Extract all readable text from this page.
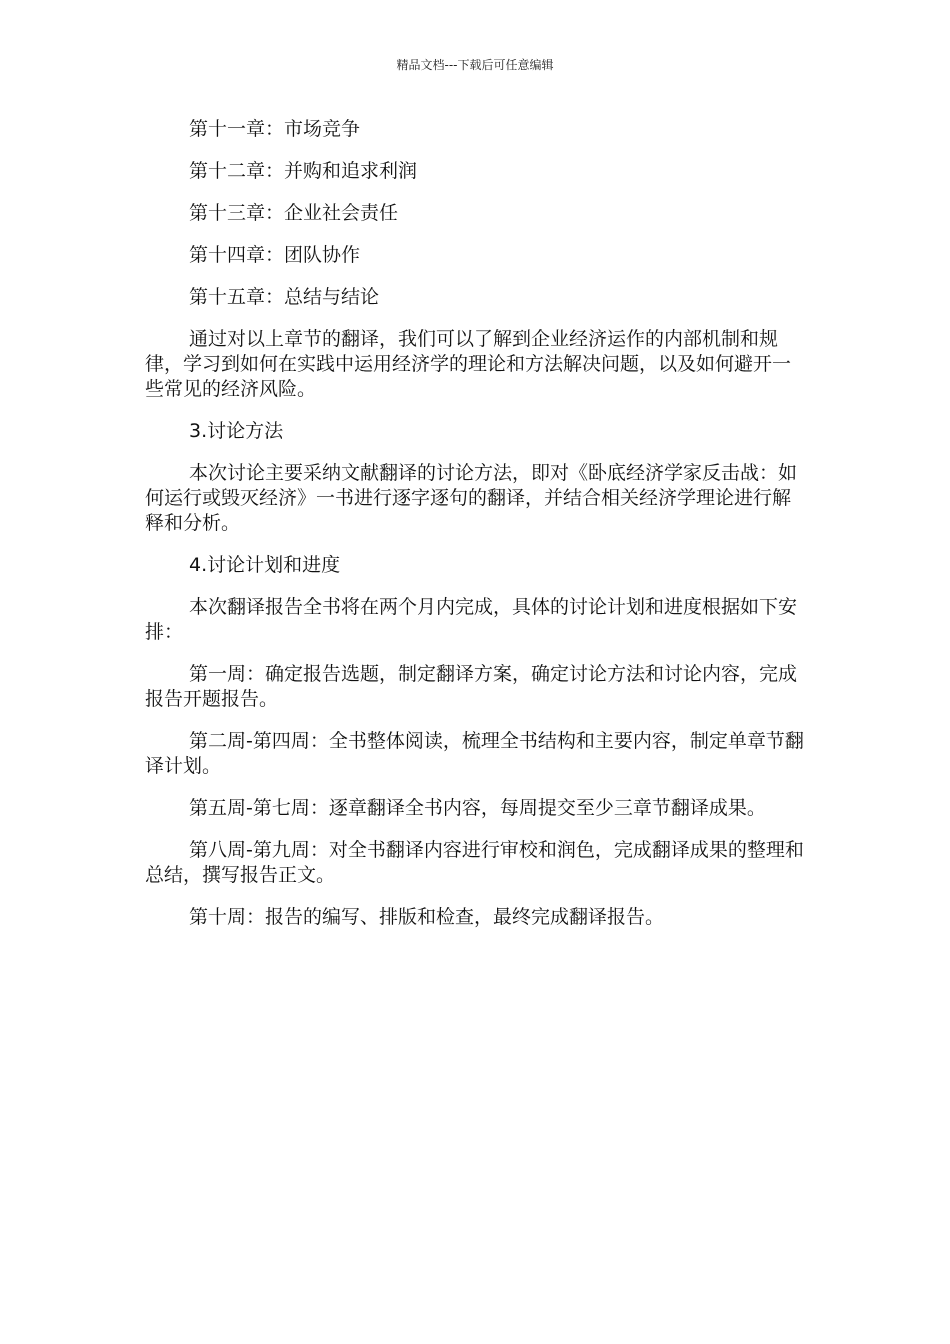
精品文档---下载后可任意编辑

第十一章：市场竞争

第十二章：并购和追求利润

第十三章：企业社会责任

第十四章：团队协作

第十五章：总结与结论

通过对以上章节的翻译，我们可以了解到企业经济运作的内部机制和规律，学习到如何在实践中运用经济学的理论和方法解决问题，以及如何避开一些常见的经济风险。

3.讨论方法

本次讨论主要采纳文献翻译的讨论方法，即对《卧底经济学家反击战：如何运行或毁灭经济》一书进行逐字逐句的翻译，并结合相关经济学理论进行解释和分析。

4.讨论计划和进度

本次翻译报告全书将在两个月内完成，具体的讨论计划和进度根据如下安排：

第一周：确定报告选题，制定翻译方案，确定讨论方法和讨论内容，完成报告开题报告。

第二周-第四周：全书整体阅读，梳理全书结构和主要内容，制定单章节翻译计划。

第五周-第七周：逐章翻译全书内容，每周提交至少三章节翻译成果。

第八周-第九周：对全书翻译内容进行审校和润色，完成翻译成果的整理和总结，撰写报告正文。

第十周：报告的编写、排版和检查，最终完成翻译报告。
